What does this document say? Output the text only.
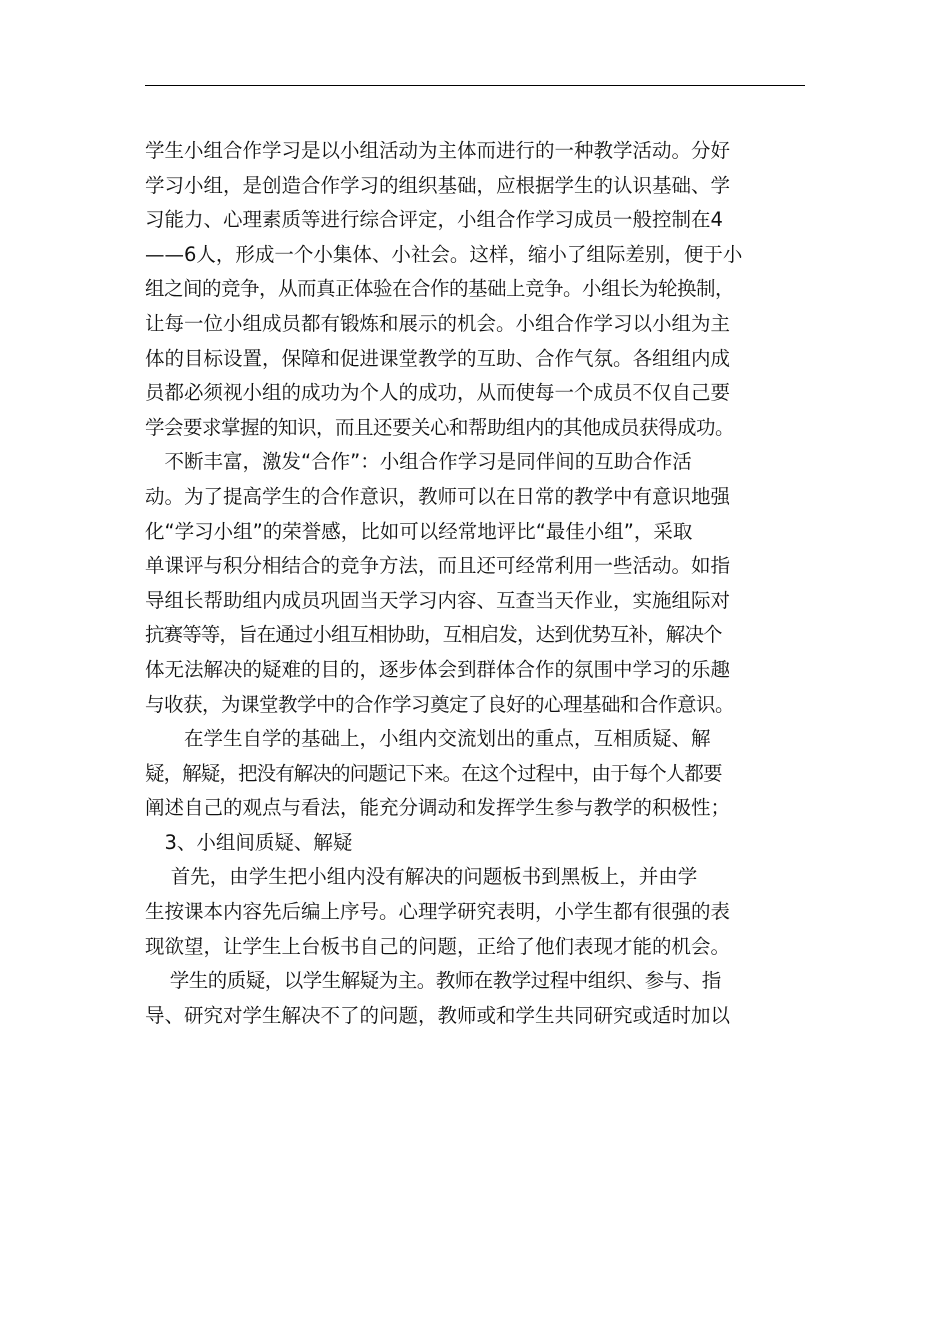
学生小组合作学习是以小组活动为主体而进行的一种教学活动。分好
学习小组，是创造合作学习的组织基础，应根据学生的认识基础、学
习能力、心理素质等进行综合评定，小组合作学习成员一般控制在4
——6人，形成一个小集体、小社会。这样，缩小了组际差别，便于小
组之间的竞争，从而真正体验在合作的基础上竞争。小组长为轮换制，
让每一位小组成员都有锻炼和展示的机会。小组合作学习以小组为主
体的目标设置，保障和促进课堂教学的互助、合作气氛。各组组内成
员都必须视小组的成功为个人的成功，从而使每一个成员不仅自己要
学会要求掌握的知识，而且还要关心和帮助组内的其他成员获得成功。
　不断丰富，激发“合作”：小组合作学习是同伴间的互助合作活
动。为了提高学生的合作意识，教师可以在日常的教学中有意识地强
化“学习小组”的荣誉感，比如可以经常地评比“最佳小组”，采取
单课评与积分相结合的竞争方法，而且还可经常利用一些活动。如指
导组长帮助组内成员巩固当天学习内容、互查当天作业，实施组际对
抗赛等等，旨在通过小组互相协助，互相启发，达到优势互补，解决个
体无法解决的疑难的目的，逐步体会到群体合作的氛围中学习的乐趣
与收获，为课堂教学中的合作学习奠定了良好的心理基础和合作意识。
　　在学生自学的基础上，小组内交流划出的重点，互相质疑、解
疑，解疑，把没有解决的问题记下来。在这个过程中，由于每个人都要
阐述自己的观点与看法，能充分调动和发挥学生参与教学的积极性；
　3、小组间质疑、解疑
　 首先，由学生把小组内没有解决的问题板书到黑板上，并由学
生按课本内容先后编上序号。心理学研究表明，小学生都有很强的表
现欲望，让学生上台板书自己的问题，正给了他们表现才能的机会。
　 学生的质疑，以学生解疑为主。教师在教学过程中组织、参与、指
导、研究对学生解决不了的问题，教师或和学生共同研究或适时加以
